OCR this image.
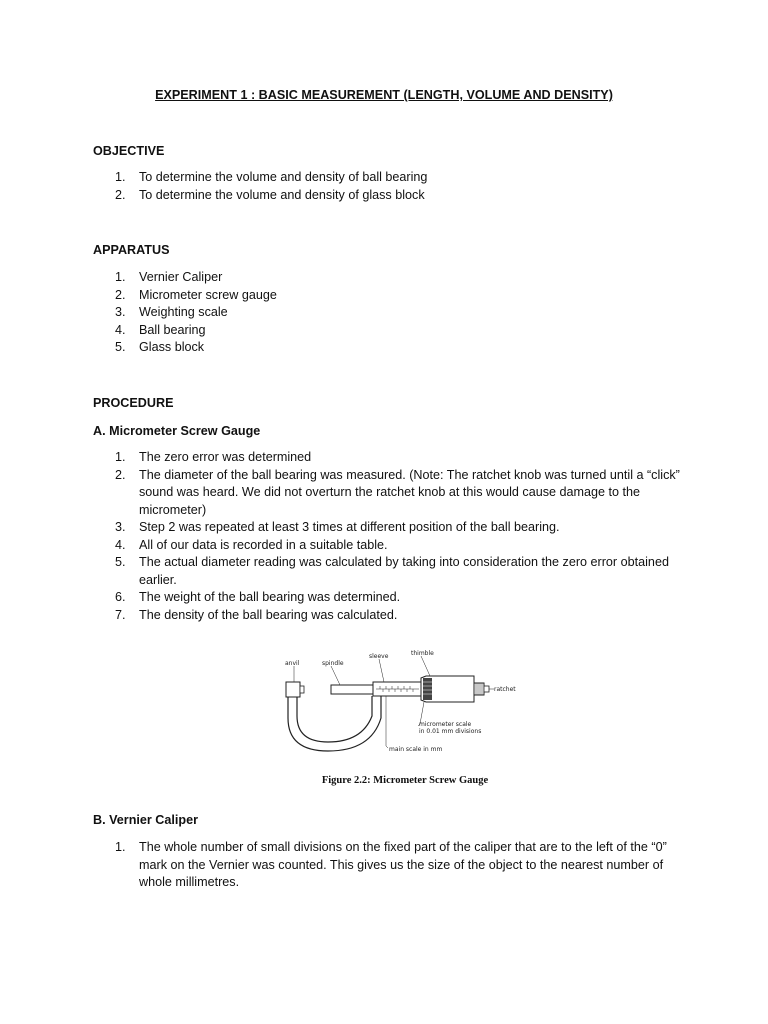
EXPERIMENT 1 : BASIC MEASUREMENT (LENGTH, VOLUME AND DENSITY)
OBJECTIVE
1. To determine the volume and density of ball bearing
2. To determine the volume and density of glass block
APPARATUS
1. Vernier Caliper
2. Micrometer screw gauge
3. Weighting scale
4. Ball bearing
5. Glass block
PROCEDURE
A. Micrometer Screw Gauge
1. The zero error was determined
2. The diameter of the ball bearing was measured. (Note: The ratchet knob was turned until a “click” sound was heard. We did not overturn the ratchet knob at this would cause damage to the micrometer)
3. Step 2 was repeated at least 3 times at different position of the ball bearing.
4. All of our data is recorded in a suitable table.
5. The actual diameter reading was calculated by taking into consideration the zero error obtained earlier.
6. The weight of the ball bearing was determined.
7. The density of the ball bearing was calculated.
anvil	spindle
sleeve	thimble
ratchet
micrometer scale
in 0.01 mm divisions
main scale in mm
Figure 2.2: Micrometer Screw Gauge
B. Vernier Caliper
1. The whole number of small divisions on the fixed part of the caliper that are to the left of the “0” mark on the Vernier was counted. This gives us the size of the object to the nearest number of whole millimetres.
